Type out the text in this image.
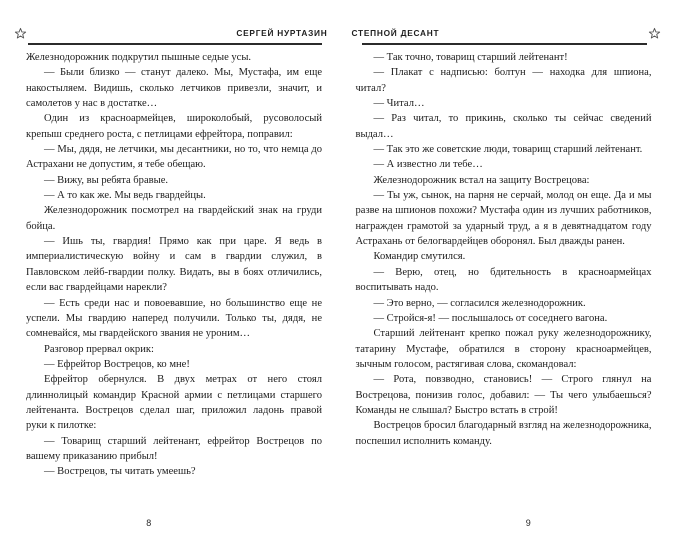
СЕРГЕЙ НУРТАЗИН

Железнодорожник подкрутил пышные седые усы.

— Были близко — станут далеко. Мы, Мустафа, им еще накостыляем. Видишь, сколько летчиков привезли, значит, и самолетов у нас в достатке…

Один из красноармейцев, широколобый, русоволосый крепыш среднего роста, с петлицами ефрейтора, поправил:

— Мы, дядя, не летчики, мы десантники, но то, что немца до Астрахани не допустим, я тебе обещаю.

— Вижу, вы ребята бравые.

— А то как же. Мы ведь гвардейцы.

Железнодорожник посмотрел на гвардейский знак на груди бойца.

— Ишь ты, гвардия! Прямо как при царе. Я ведь в империалистическую войну и сам в гвардии служил, в Павловском лейб-гвардии полку. Видать, вы в боях отличились, если вас гвардейцами нарекли?

— Есть среди нас и повоевавшие, но большинство еще не успели. Мы гвардию наперед получили. Только ты, дядя, не сомневайся, мы гвардейского звания не уроним…

Разговор прервал окрик:

— Ефрейтор Вострецов, ко мне!

Ефрейтор обернулся. В двух метрах от него стоял длиннолицый командир Красной армии с петлицами старшего лейтенанта. Вострецов сделал шаг, приложил ладонь правой руки к пилотке:

— Товарищ старший лейтенант, ефрейтор Вострецов по вашему приказанию прибыл!

— Вострецов, ты читать умеешь?

8
СТЕПНОЙ ДЕСАНТ

— Так точно, товарищ старший лейтенант!

— Плакат с надписью: болтун — находка для шпиона, читал?

— Читал…

— Раз читал, то прикинь, сколько ты сейчас сведений выдал…

— Так это же советские люди, товарищ старший лейтенант.

— А известно ли тебе…

Железнодорожник встал на защиту Вострецова:

— Ты уж, сынок, на парня не серчай, молод он еще. Да и мы разве на шпионов похожи? Мустафа один из лучших работников, награжден грамотой за ударный труд, а я в девятнадцатом году Астрахань от белогвардейцев оборонял. Был дважды ранен.

Командир смутился.

— Верю, отец, но бдительность в красноармейцах воспитывать надо.

— Это верно, — согласился железнодорожник.

— Стройся-я! — послышалось от соседнего вагона.

Старший лейтенант крепко пожал руку железнодорожнику, татарину Мустафе, обратился в сторону красноармейцев, зычным голосом, растягивая слова, скомандовал:

— Рота, повзводно, становись! — Строго глянул на Вострецова, понизив голос, добавил: — Ты чего улыбаешься? Команды не слышал? Быстро встать в строй!

Вострецов бросил благодарный взгляд на железнодорожника, поспешил исполнить команду.

9
